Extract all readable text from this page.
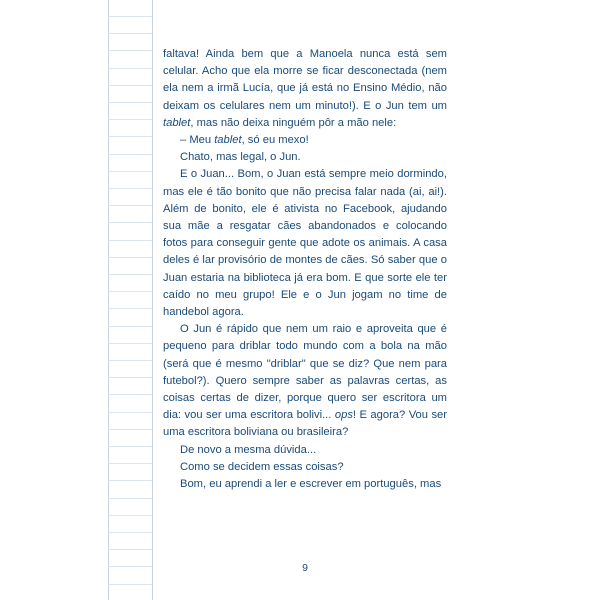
faltava! Ainda bem que a Manoela nunca está sem celular. Acho que ela morre se ficar desconectada (nem ela nem a irmã Lucía, que já está no Ensino Médio, não deixam os celulares nem um minuto!). E o Jun tem um tablet, mas não deixa ninguém pôr a mão nele:

– Meu tablet, só eu mexo!

Chato, mas legal, o Jun.

E o Juan... Bom, o Juan está sempre meio dormindo, mas ele é tão bonito que não precisa falar nada (ai, ai!). Além de bonito, ele é ativista no Facebook, ajudando sua mãe a resgatar cães abandonados e colocando fotos para conseguir gente que adote os animais. A casa deles é lar provisório de montes de cães. Só saber que o Juan estaria na biblioteca já era bom. E que sorte ele ter caído no meu grupo! Ele e o Jun jogam no time de handebol agora.

O Jun é rápido que nem um raio e aproveita que é pequeno para driblar todo mundo com a bola na mão (será que é mesmo "driblar" que se diz? Que nem para futebol?). Quero sempre saber as palavras certas, as coisas certas de dizer, porque quero ser escritora um dia: vou ser uma escritora bolivi... ops! E agora? Vou ser uma escritora boliviana ou brasileira?

De novo a mesma dúvida...

Como se decidem essas coisas?

Bom, eu aprendi a ler e escrever em português, mas

9
